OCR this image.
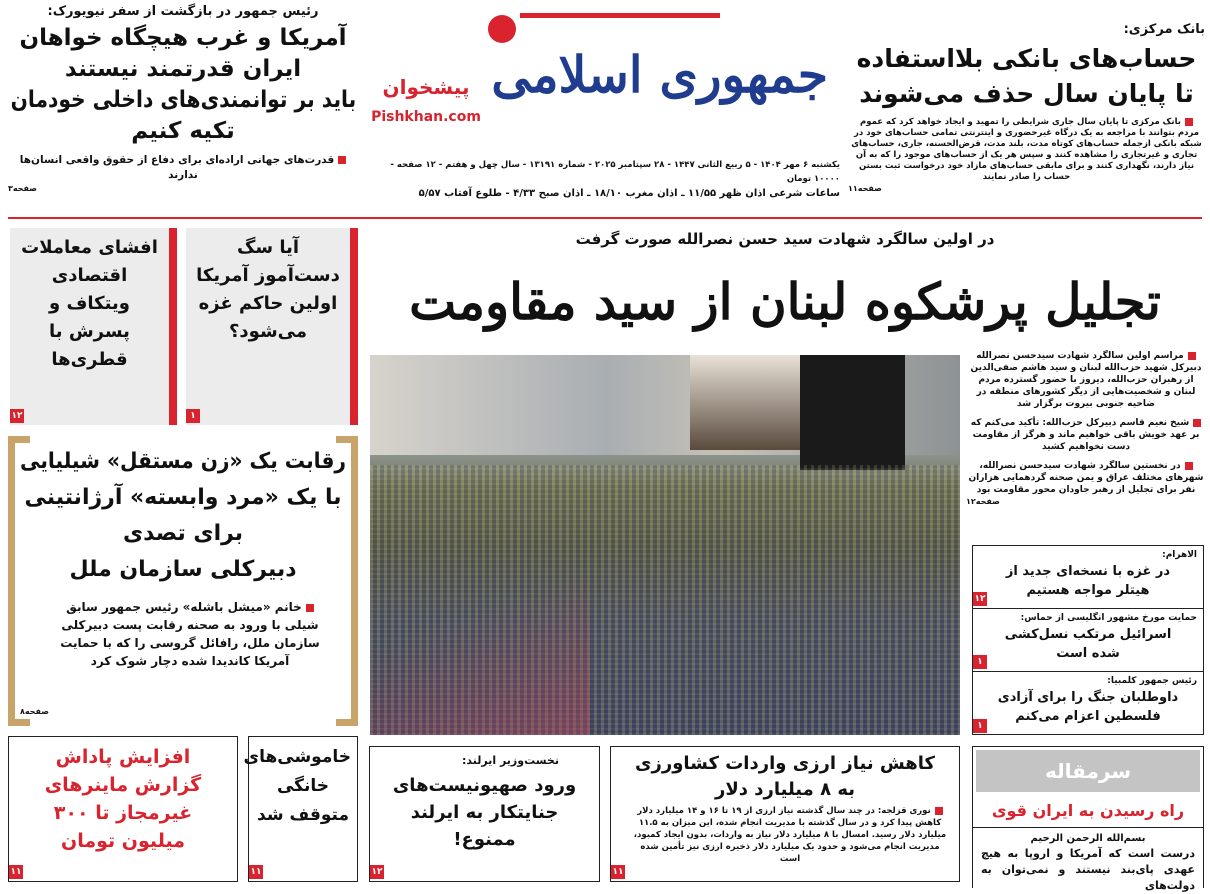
رئیس جمهور در بازگشت از سفر نیویورک:
آمریکا و غرب هیچگاه خواهان
ایران قدرتمند نیستند
باید بر توانمندی‌های داخلی خودمان
تکیه کنیم
قدرت‌های جهانی اراده‌ای برای دفاع از حقوق واقعی انسان‌ها ندارند
صفحه۳
جمهوری اسلامی
پیشخوان
Pishkhan.com
یکشنبه ۶ مهر ۱۴۰۴ - ۵ ربیع الثانی ۱۴۴۷ - ۲۸ سپتامبر ۲۰۲۵ - شماره ۱۳۱۹۱ - سال چهل و هفتم - ۱۲ صفحه - ۱۰۰۰۰ تومان
ساعات شرعی اذان ظهر ۱۱/۵۵ ـ اذان مغرب ۱۸/۱۰ ـ اذان صبح ۴/۳۳ - طلوع آفتاب ۵/۵۷
بانک مرکزی:
حساب‌های بانکی بلااستفاده
تا پایان سال حذف می‌شوند
بانک مرکزی تا پایان سال جاری شرایطی را تمهید و ایجاد خواهد کرد که عموم مردم بتوانند با مراجعه به یک درگاه غیرحضوری و اینترنتی تمامی حساب‌های خود در شبکه بانکی ازجمله حساب‌های کوتاه مدت، بلند مدت، قرض‌الحسنه، جاری، حساب‌های تجاری و غیرتجاری را مشاهده کنند و سپس هر یک از حساب‌های موجود را که به آن نیاز دارند، نگهداری کنند و برای مابقی حساب‌های مازاد خود درخواست ثبت بستن حساب را صادر نمایند
صفحه۱۱
در اولین سالگرد شهادت سید حسن نصرالله صورت گرفت
تجلیل پرشکوه لبنان از سید مقاومت
مراسم اولین سالگرد شهادت سیدحسن نصرالله دبیرکل شهید حزب‌الله لبنان و سید هاشم صفی‌الدین از رهبران حزب‌الله، دیروز با حضور گسترده مردم لبنان و شخصیت‌هایی از دیگر کشورهای منطقه در ضاحیه جنوبی بیروت برگزار شد
شیخ نعیم قاسم دبیرکل حزب‌الله: تأکید می‌کنم که بر عهد خویش باقی خواهیم ماند و هرگز از مقاومت دست نخواهیم کشید
در نخستین سالگرد شهادت سیدحسن نصرالله، شهرهای مختلف عراق و یمن صحنه گردهمایی هزاران نفر برای تجلیل از رهبر جاودان محور مقاومت بود
صفحه۱۲
الاهرام:
در غزه با نسخه‌ای جدید از هیتلر مواجه هستیم
۱۲
حمایت مورخ مشهور انگلیسی از حماس:
اسرائیل مرتکب نسل‌کشی شده است
۱
رئیس جمهور کلمبیا:
داوطلبان جنگ را برای آزادی فلسطین اعزام می‌کنم
۱
افشای معاملات اقتصادی ویتکاف و پسرش با قطری‌ها
۱۲
آیا سگ دست‌آموز آمریکا اولین حاکم غزه می‌شود؟
۱
رقابت یک «زن مستقل» شیلیایی
با یک «مرد وابسته» آرژانتینی
برای تصدی
دبیرکلی سازمان ملل
خانم «میشل باشله» رئیس جمهور سابق شیلی با ورود به صحنه رقابت پست دبیرکلی سازمان ملل، رافائل گروسی را که با حمایت آمریکا کاندیدا شده دچار شوک کرد
صفحه۸
افزایش پاداش گزارش ماینرهای غیرمجاز تا ۳۰۰ میلیون تومان
۱۱
خاموشی‌های خانگی متوقف شد
۱۱
نخست‌وزیر ایرلند:
ورود صهیونیست‌های جنایتکار به ایرلند ممنوع!
۱۲
کاهش نیاز ارزی واردات کشاورزی
به ۸ میلیارد دلار
نوری قزلجه: در چند سال گذشته نیاز ارزی از ۱۹ تا ۱۶ و ۱۴ میلیارد دلار کاهش پیدا کرد و در سال گذشته با مدیریت انجام شده، این میزان به ۱۱.۵ میلیارد دلار رسید. امسال با ۸ میلیارد دلار نیاز به واردات، بدون ایجاد کمبود، مدیریت انجام می‌شود و حدود یک میلیارد دلار ذخیره ارزی نیز تأمین شده است
۱۱
سرمقاله
راه رسیدن به ایران قوی
بسم‌الله الرحمن الرحیم
درست است که آمریکا و اروپا به هیچ عهدی پای‌بند نیستند و نمی‌توان به دولت‌های
